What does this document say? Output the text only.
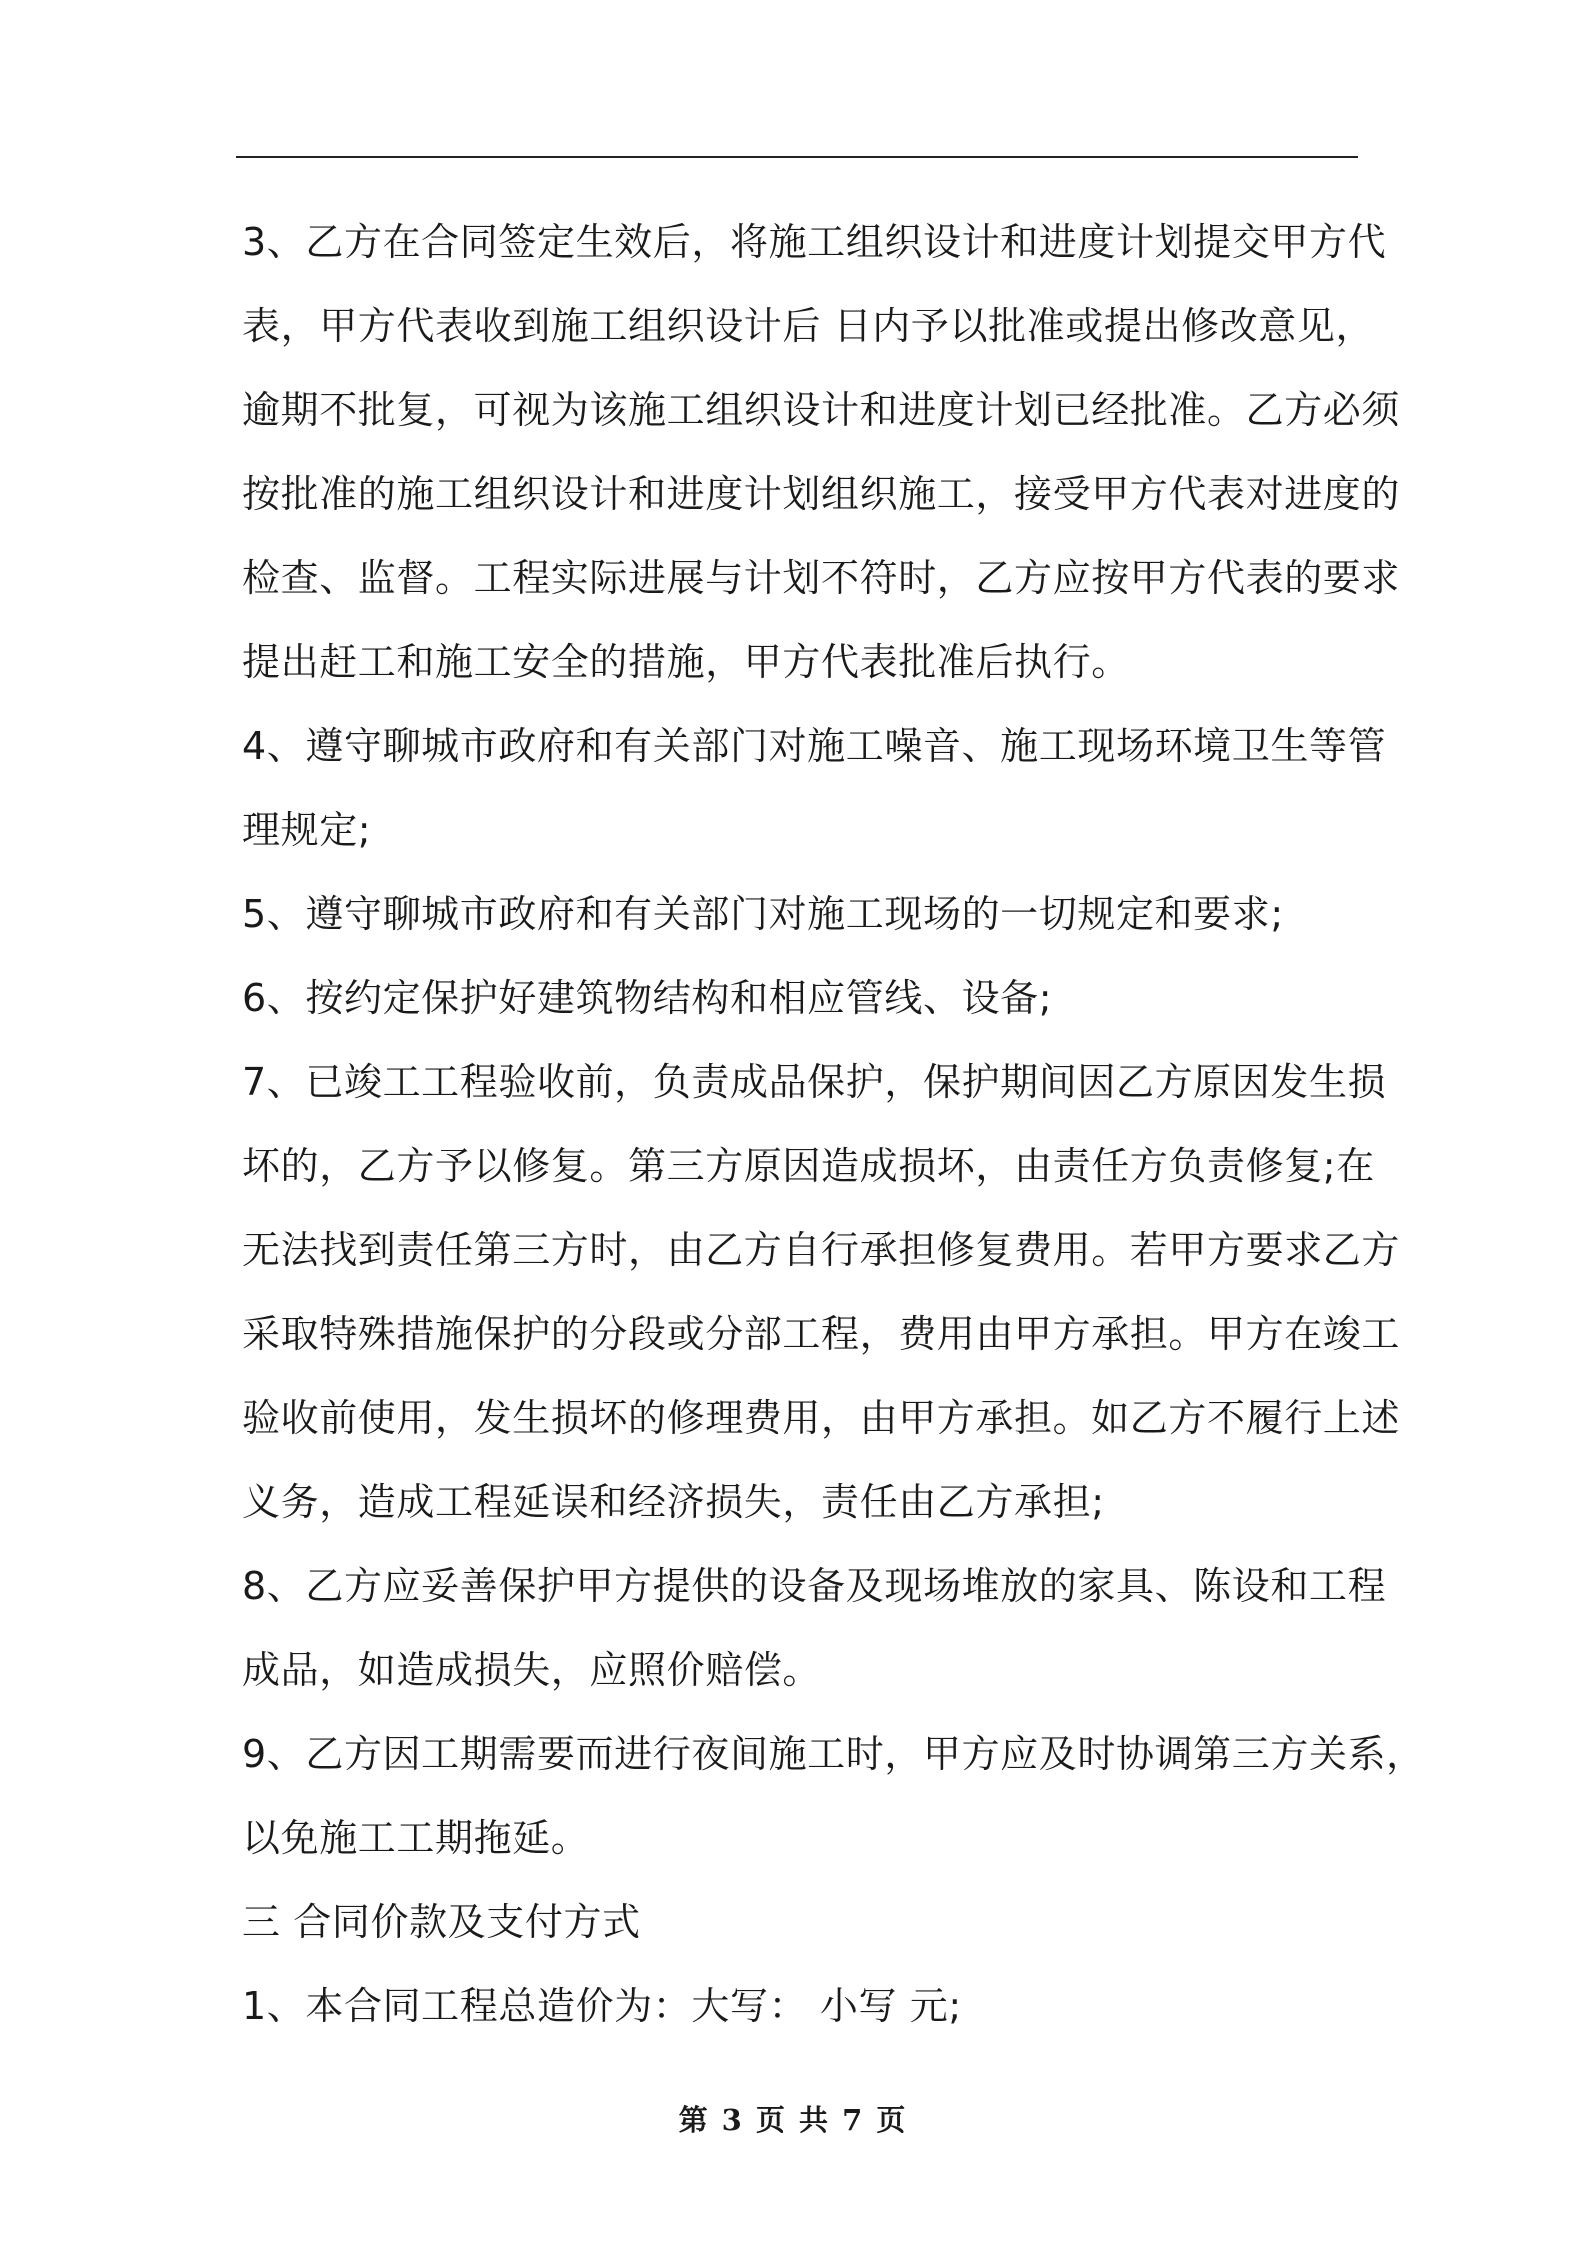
3、乙方在合同签定生效后，将施工组织设计和进度计划提交甲方代
表，甲方代表收到施工组织设计后 日内予以批准或提出修改意见，
逾期不批复，可视为该施工组织设计和进度计划已经批准。乙方必须
按批准的施工组织设计和进度计划组织施工，接受甲方代表对进度的
检查、监督。工程实际进展与计划不符时，乙方应按甲方代表的要求
提出赶工和施工安全的措施，甲方代表批准后执行。
4、遵守聊城市政府和有关部门对施工噪音、施工现场环境卫生等管
理规定;
5、遵守聊城市政府和有关部门对施工现场的一切规定和要求;
6、按约定保护好建筑物结构和相应管线、设备;
7、已竣工工程验收前，负责成品保护，保护期间因乙方原因发生损
坏的，乙方予以修复。第三方原因造成损坏，由责任方负责修复;在
无法找到责任第三方时，由乙方自行承担修复费用。若甲方要求乙方
采取特殊措施保护的分段或分部工程，费用由甲方承担。甲方在竣工
验收前使用，发生损坏的修理费用，由甲方承担。如乙方不履行上述
义务，造成工程延误和经济损失，责任由乙方承担;
8、乙方应妥善保护甲方提供的设备及现场堆放的家具、陈设和工程
成品，如造成损失，应照价赔偿。
9、乙方因工期需要而进行夜间施工时，甲方应及时协调第三方关系，
以免施工工期拖延。
三 合同价款及支付方式
1、本合同工程总造价为：大写： 小写 元;
第 3 页 共 7 页
